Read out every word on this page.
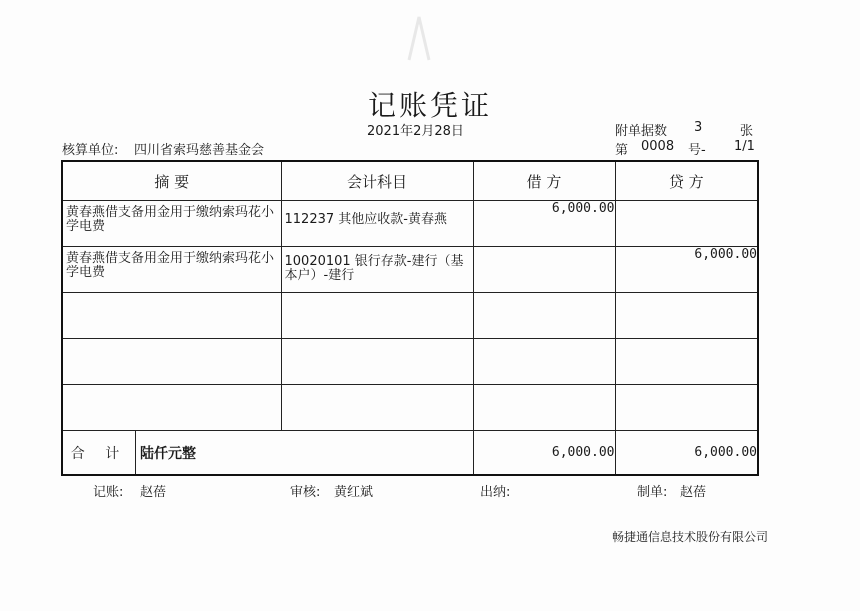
记账凭证
2021年2月28日	附单据数 3	张
核算单位: 四川省索玛慈善基金会	第 0008 号- 1/1
摘 要	会计科目	借 方	贷 方

黄春燕借支备用金用于缴纳索玛花小学电费	112237 其他应收款-黄春燕	6,000.00	

黄春燕借支备用金用于缴纳索玛花小学电费	10020101 银行存款-建行（基本户）-建行		6,000.00

合 计 陆仟元整		6,000.00	6,000.00
记账: 赵蓓	审核: 黄红斌	出纳:	制单: 赵蓓
畅捷通信息技术股份有限公司
